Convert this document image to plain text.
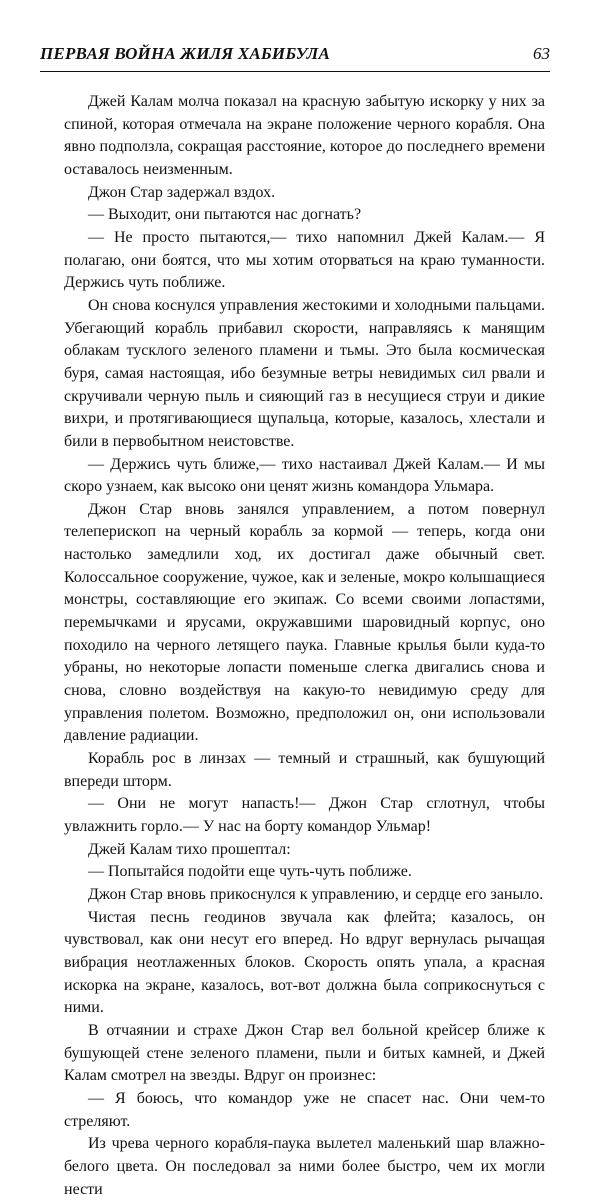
ПЕРВАЯ ВОЙНА ЖИЛЯ ХАБИБУЛА	63

Джей Калам молча показал на красную забытую искорку у них за спиной, которая отмечала на экране положение черного корабля. Она явно подползла, сокращая расстояние, которое до последнего времени оставалось неизменным.

Джон Стар задержал вздох.

— Выходит, они пытаются нас догнать?

— Не просто пытаются,— тихо напомнил Джей Калам.— Я полагаю, они боятся, что мы хотим оторваться на краю туманности. Держись чуть поближе.

Он снова коснулся управления жестокими и холодными пальцами. Убегающий корабль прибавил скорости, направляясь к манящим облакам тусклого зеленого пламени и тьмы. Это была космическая буря, самая настоящая, ибо безумные ветры невидимых сил рвали и скручивали черную пыль и сияющий газ в несущиеся струи и дикие вихри, и протягивающиеся щупальца, которые, казалось, хлестали и били в первобытном неистовстве.

— Держись чуть ближе,— тихо настаивал Джей Калам.— И мы скоро узнаем, как высоко они ценят жизнь командора Ульмара.

Джон Стар вновь занялся управлением, а потом повернул телеперископ на черный корабль за кормой — теперь, когда они настолько замедлили ход, их достигал даже обычный свет. Колоссальное сооружение, чужое, как и зеленые, мокро колышащиеся монстры, составляющие его экипаж. Со всеми своими лопастями, перемычками и ярусами, окружавшими шаровидный корпус, оно походило на черного летящего паука. Главные крылья были куда-то убраны, но некоторые лопасти поменьше слегка двигались снова и снова, словно воздействуя на какую-то невидимую среду для управления полетом. Возможно, предположил он, они использовали давление радиации.

Корабль рос в линзах — темный и страшный, как бушующий впереди шторм.

— Они не могут напасть!— Джон Стар сглотнул, чтобы увлажнить горло.— У нас на борту командор Ульмар!

Джей Калам тихо прошептал:

— Попытайся подойти еще чуть-чуть поближе.

Джон Стар вновь прикоснулся к управлению, и сердце его заныло.

Чистая песнь геодинов звучала как флейта; казалось, он чувствовал, как они несут его вперед. Но вдруг вернулась рычащая вибрация неотлаженных блоков. Скорость опять упала, а красная искорка на экране, казалось, вот-вот должна была соприкоснуться с ними.

В отчаянии и страхе Джон Стар вел больной крейсер ближе к бушующей стене зеленого пламени, пыли и битых камней, и Джей Калам смотрел на звезды. Вдруг он произнес:

— Я боюсь, что командор уже не спасет нас. Они чем-то стреляют.

Из чрева черного корабля-паука вылетел маленький шар влажно-белого цвета. Он последовал за ними более быстро, чем их могли нести
